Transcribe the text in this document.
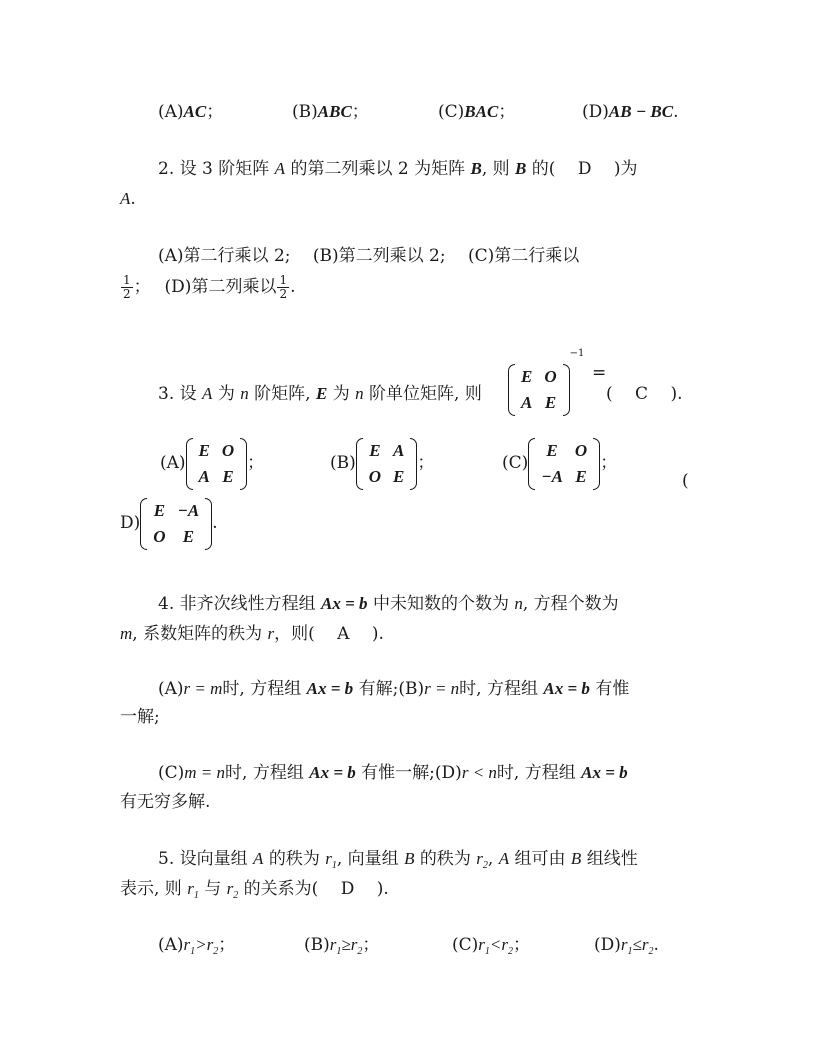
(A)AC；	(B)ABC；	(C)BAC；	(D)AB − BC.
2. 设 3 阶矩阵 A 的第二列乘以 2 为矩阵 B, 则 B 的(　 D　 )为
A.
(A)第二行乘以 2;　 (B)第二列乘以 2;　 (C)第二行乘以
$\frac{1}{2}$ ；　 (D)第二列乘以 $\frac{1}{2}$ .
3. 设 A 为 n 阶矩阵, E 为 n 阶单位矩阵, 则
E	O
A	E
$^{-1}$
=
(　 C　 ).
(A)
E	O
A	E
；	(B)
E	A
O	E
；	(C)
E	O
−A	E
；
(
D)
E	−A
O	E
.
4. 非齐次线性方程组 Ax = b 中未知数的个数为 n, 方程个数为
m, 系数矩阵的秩为 r，则(　 A　 ).
(A)r = m时, 方程组 Ax = b 有解;(B)r = n时, 方程组 Ax = b 有惟
一解;
(C)m = n时, 方程组 Ax = b 有惟一解;(D)r < n时, 方程组 Ax = b
有无穷多解.
5. 设向量组 A 的秩为 $r_1$, 向量组 B 的秩为 $r_2$, A 组可由 B 组线性
表示, 则 $r_1$ 与 $r_2$ 的关系为(　 D　 ).
$(A)r_1>r_2$；	$(B)r_1\ge r_2$；	$(C)r_1<r_2$；	$(D)r_1\le r_2$.
